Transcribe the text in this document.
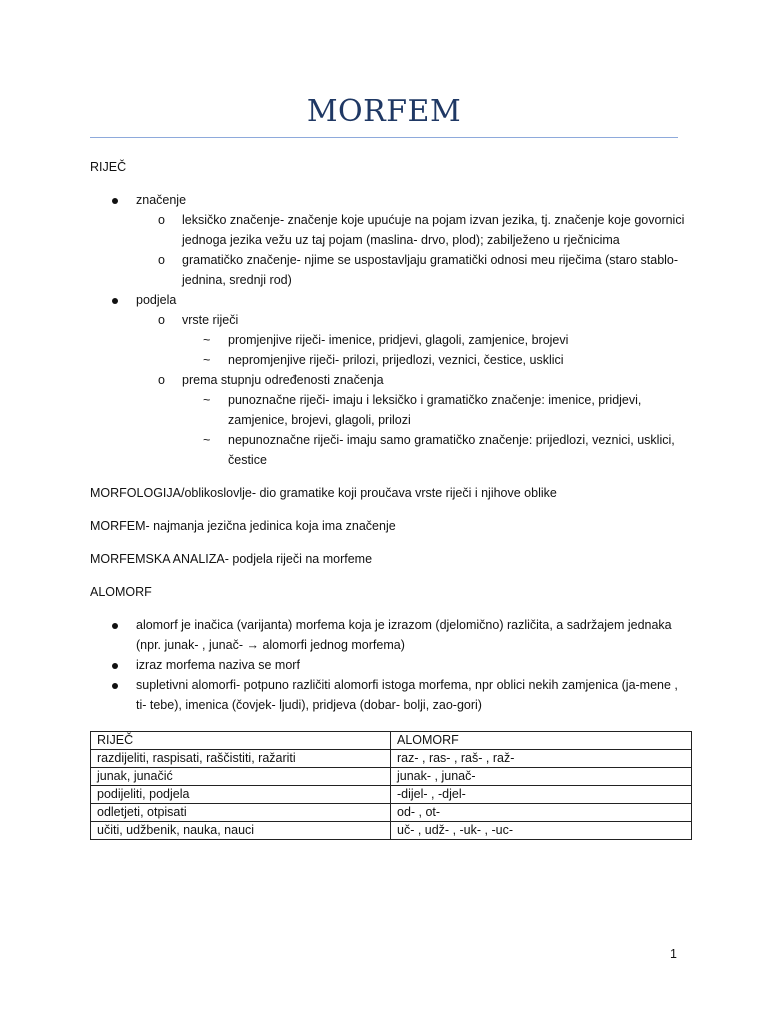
MORFEM

RIJEČ

značenje
o leksičko značenje- značenje koje upućuje na pojam izvan jezika, tj. značenje koje govornici jednoga jezika vežu uz taj pojam (maslina- drvo, plod); zabilježeno u rječnicima
o gramatičko značenje- njime se uspostavljaju gramatički odnosi meu riječima (staro stablo-jednina, srednji rod)
podjela
o vrste riječi
~ promjenjive riječi- imenice, pridjevi, glagoli, zamjenice, brojevi
~ nepromjenjive riječi- prilozi, prijedlozi, veznici, čestice, usklici
o prema stupnju određenosti značenja
~ punoznačne riječi- imaju i leksičko i gramatičko značenje: imenice, pridjevi, zamjenice, brojevi, glagoli, prilozi
~ nepunoznačne riječi- imaju samo gramatičko značenje: prijedlozi, veznici, usklici, čestice

MORFOLOGIJA/oblikoslovlje- dio gramatike koji proučava vrste riječi i njihove oblike

MORFEM- najmanja jezična jedinica koja ima značenje

MORFEMSKA ANALIZA- podjela riječi na morfeme

ALOMORF

alomorf je inačica (varijanta) morfema koja je izrazom (djelomično) različita, a sadržajem jednaka (npr. junak- , junač- → alomorfi jednog morfema)
izraz morfema naziva se morf
supletivni alomorfi- potpuno različiti alomorfi istoga morfema, npr oblici nekih zamjenica (ja-mene , ti- tebe), imenica (čovjek- ljudi), pridjeva (dobar- bolji, zao-gori)
RIJEČ	ALOMORF
razdijeliti, raspisati, raščistiti, ražariti	raz- , ras- , raš- , raž-
junak, junačić	junak- , junač-
podijeliti, podjela	-dijel- , -djel-
odletjeti, otpisati	od- , ot-
učiti, udžbenik, nauka, nauci	uč- , udž- , -uk- , -uc-
1
